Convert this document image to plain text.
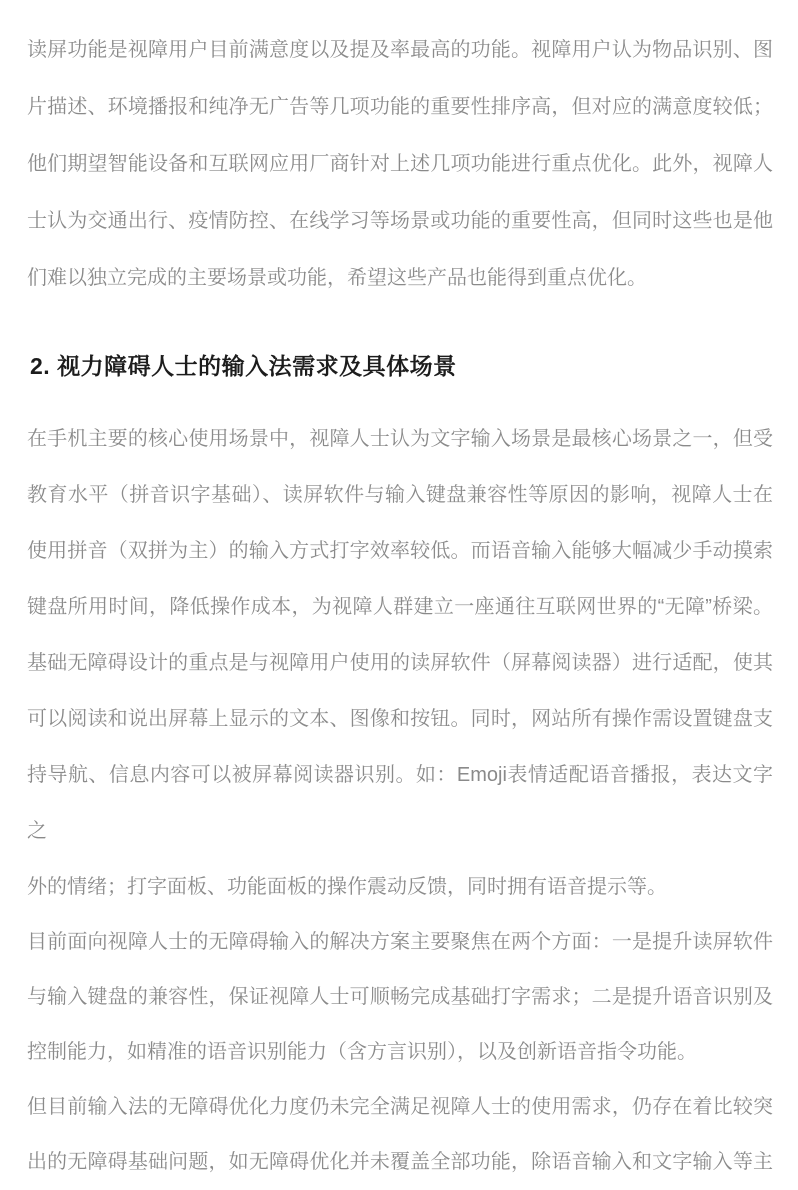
读屏功能是视障用户目前满意度以及提及率最高的功能。视障用户认为物品识别、图
片描述、环境播报和纯净无广告等几项功能的重要性排序高，但对应的满意度较低；
他们期望智能设备和互联网应用厂商针对上述几项功能进行重点优化。此外，视障人
士认为交通出行、疫情防控、在线学习等场景或功能的重要性高，但同时这些也是他
们难以独立完成的主要场景或功能，希望这些产品也能得到重点优化。

2. 视力障碍人士的输入法需求及具体场景

在手机主要的核心使用场景中，视障人士认为文字输入场景是最核心场景之一，但受
教育水平（拼音识字基础）、读屏软件与输入键盘兼容性等原因的影响，视障人士在
使用拼音（双拼为主）的输入方式打字效率较低。而语音输入能够大幅减少手动摸索
键盘所用时间，降低操作成本，为视障人群建立一座通往互联网世界的“无障”桥梁。
基础无障碍设计的重点是与视障用户使用的读屏软件（屏幕阅读器）进行适配，使其
可以阅读和说出屏幕上显示的文本、图像和按钮。同时，网站所有操作需设置键盘支
持导航、信息内容可以被屏幕阅读器识别。如：Emoji表情适配语音播报，表达文字之
外的情绪；打字面板、功能面板的操作震动反馈，同时拥有语音提示等。

目前面向视障人士的无障碍输入的解决方案主要聚焦在两个方面：一是提升读屏软件
与输入键盘的兼容性，保证视障人士可顺畅完成基础打字需求；二是提升语音识别及
控制能力，如精准的语音识别能力（含方言识别），以及创新语音指令功能。

但目前输入法的无障碍优化力度仍未完全满足视障人士的使用需求，仍存在着比较突
出的无障碍基础问题，如无障碍优化并未覆盖全部功能，除语音输入和文字输入等主
